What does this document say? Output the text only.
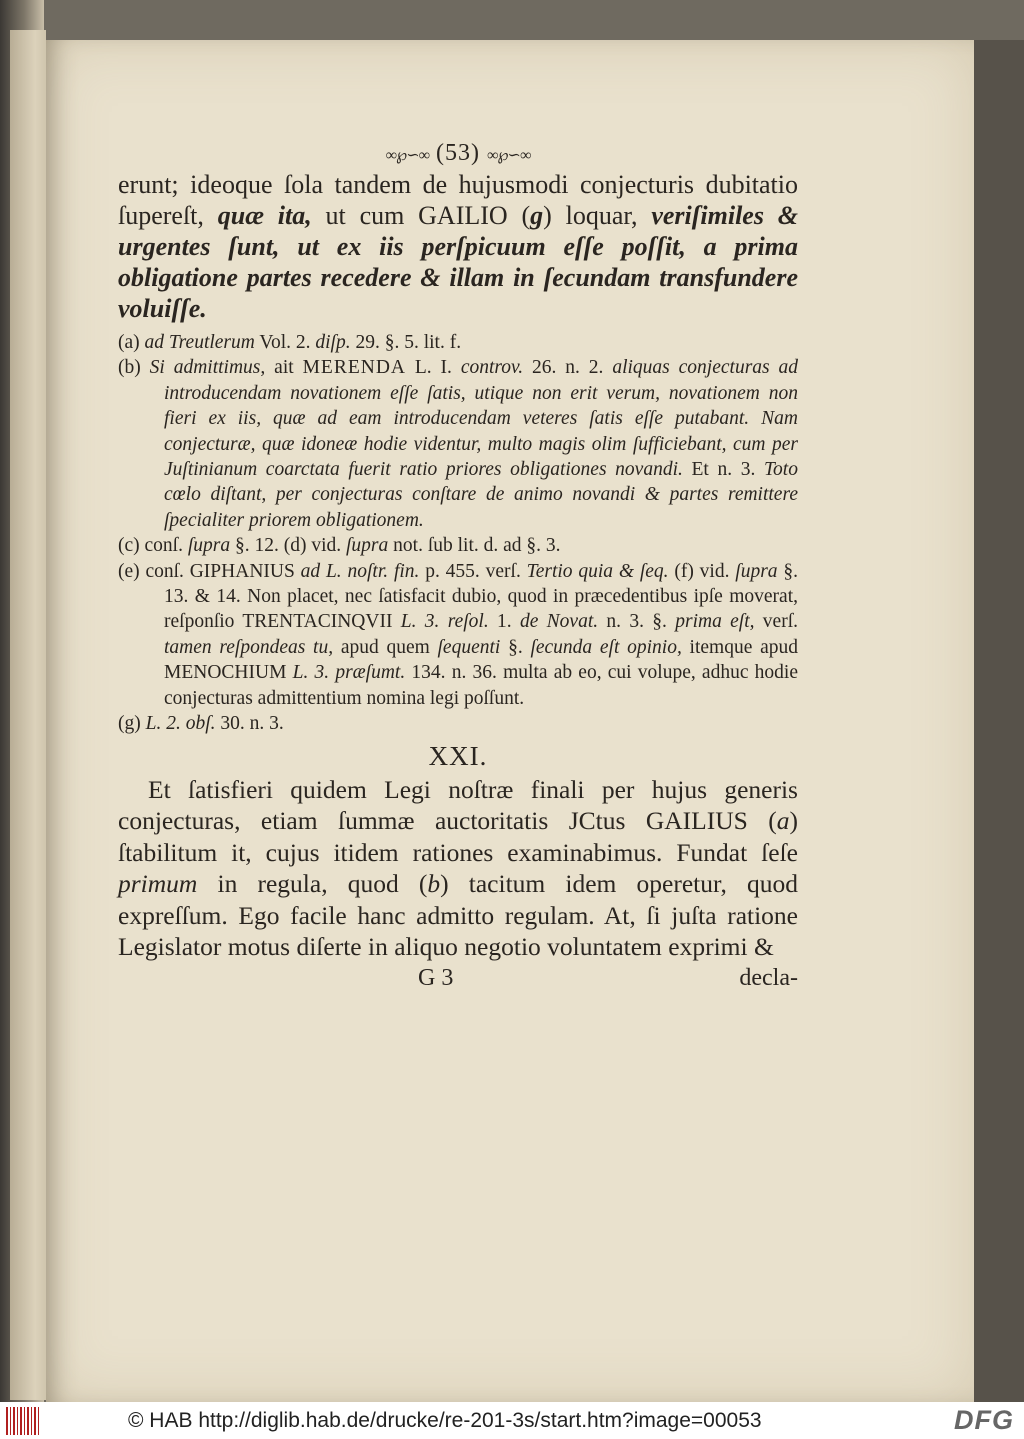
∞℘∽∞ (53) ∞℘∽∞

erunt; ideoque ſola tandem de hujusmodi conjecturis dubitatio ſupereſt, quæ ita, ut cum GAILIO (g) loquar, veriſimiles & urgentes ſunt, ut ex iis perſpicuum eſſe poſſit, a prima obligatione partes recedere & illam in ſecundam transfundere voluiſſe.

(a) ad Treutlerum Vol. 2. diſp. 29. §. 5. lit. f.

(b) Si admittimus, ait MERENDA L. I. controv. 26. n. 2. aliquas conjecturas ad introducendam novationem eſſe ſatis, utique non erit verum, novationem non fieri ex iis, quæ ad eam introducendam veteres ſatis eſſe putabant. Nam conjecturæ, quæ idoneæ hodie videntur, multo magis olim ſufficiebant, cum per Juſtinianum coarctata fuerit ratio priores obligationes novandi. Et n. 3. Toto cœlo diſtant, per conjecturas conſtare de animo novandi & partes remittere ſpecialiter priorem obligationem.

(c) conſ. ſupra §. 12. (d) vid. ſupra not. ſub lit. d. ad §. 3.

(e) conſ. GIPHANIUS ad L. noſtr. fin. p. 455. verſ. Tertio quia & ſeq. (f) vid. ſupra §. 13. & 14. Non placet, nec ſatisfacit dubio, quod in præcedentibus ipſe moverat, reſponſio TRENTACINQVII L. 3. reſol. 1. de Novat. n. 3. §. prima eſt, verſ. tamen reſpondeas tu, apud quem ſequenti §. ſecunda eſt opinio, itemque apud MENOCHIUM L. 3. præſumt. 134. n. 36. multa ab eo, cui volupe, adhuc hodie conjecturas admittentium nomina legi poſſunt.

(g) L. 2. obſ. 30. n. 3.

XXI.

Et ſatisfieri quidem Legi noſtræ finali per hujus generis conjecturas, etiam ſummæ auctoritatis JCtus GAILIUS (a) ſtabilitum it, cujus itidem rationes examinabimus. Fundat ſeſe primum in regula, quod (b) tacitum idem operetur, quod expreſſum. Ego facile hanc admitto regulam. At, ſi juſta ratione Legislator motus diſerte in aliquo negotio voluntatem exprimi &

G 3	decla-
© HAB http://diglib.hab.de/drucke/re-201-3s/start.htm?image=00053	DFG
